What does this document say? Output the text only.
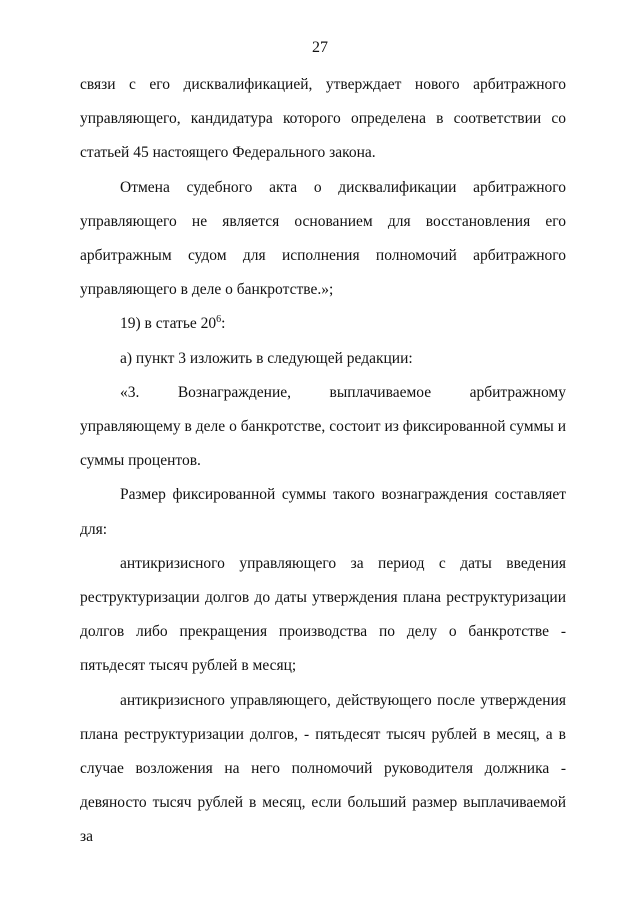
27

связи с его дисквалификацией, утверждает нового арбитражного управляющего, кандидатура которого определена в соответствии со статьей 45 настоящего Федерального закона.

Отмена судебного акта о дисквалификации арбитражного управляющего не является основанием для восстановления его арбитражным судом для исполнения полномочий арбитражного управляющего в деле о банкротстве.»;

19) в статье $20^6$:

а) пункт 3 изложить в следующей редакции:

«3. Вознаграждение, выплачиваемое арбитражному управляющему в деле о банкротстве, состоит из фиксированной суммы и суммы процентов.

Размер фиксированной суммы такого вознаграждения составляет для:

антикризисного управляющего за период с даты введения реструктуризации долгов до даты утверждения плана реструктуризации долгов либо прекращения производства по делу о банкротстве - пятьдесят тысяч рублей в месяц;

антикризисного управляющего, действующего после утверждения плана реструктуризации долгов, - пятьдесят тысяч рублей в месяц, а в случае возложения на него полномочий руководителя должника - девяносто тысяч рублей в месяц, если больший размер выплачиваемой за
